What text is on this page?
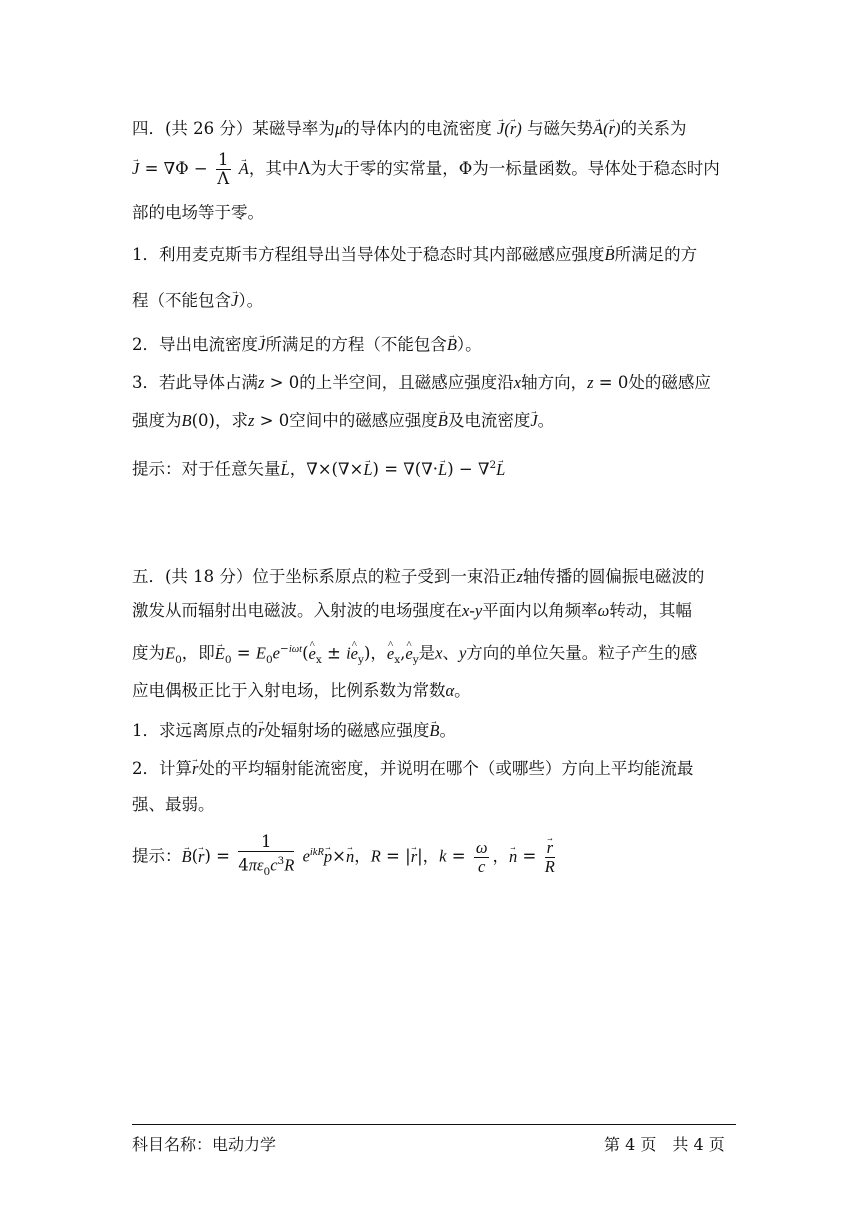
四．(共 26 分）某磁导率为μ的导体内的电流密度 → J(→ r) 与磁矢势→ A(→ r)的关系为
→ $J = \nabla\Phi - \frac{1}{\Lambda}$
→ A，其中Λ为大于零的实常量，Φ为一标量函数。导体处于稳态时内
部的电场等于零。
1．利用麦克斯韦方程组导出当导体处于稳态时其内部磁感应强度→ B所满足的方
程（不能包含→ J）。
2．导出电流密度→ J所满足的方程（不能包含→ B）。
3．若此导体占满z > 0的上半空间，且磁感应强度沿x轴方向，z = 0处的磁感应
强度为B(0)，求z > 0空间中的磁感应强度→ B及电流密度→ J。
提示：对于任意矢量→ L，∇×(∇×→ L) = ∇(∇·→ L) − ∇$^2$→ L
五．(共 18 分）位于坐标系原点的粒子受到一束沿正z轴传播的圆偏振电磁波的
激发从而辐射出电磁波。入射波的电场强度在x-y平面内以角频率ω转动，其幅
度为$E_0$，即→ $E_0$ = $E_0e^{-i\omega t}(\^{}$ $e_x$ ± i^ $e_y$)，^ $e_x,\^{}$ $e_y$是x、y方向的单位矢量。粒子产生的感
应电偶极正比于入射电场，比例系数为常数α。
1．求远离原点的→ r处辐射场的磁感应强度→ B。
2．计算→ r处的平均辐射能流密度，并说明在哪个（或哪些）方向上平均能流最
强、最弱。
提示：→ $B(\to r) = \frac{1}{4\pi\varepsilon_0c^3R} e^{ikR}\to p\times\to n$，R = |→ r|，$k = \frac{\omega}{c}$ ，→ n =
→ $\frac{r}{R}$
科目名称：电动力学	第 4 页　共 4 页
